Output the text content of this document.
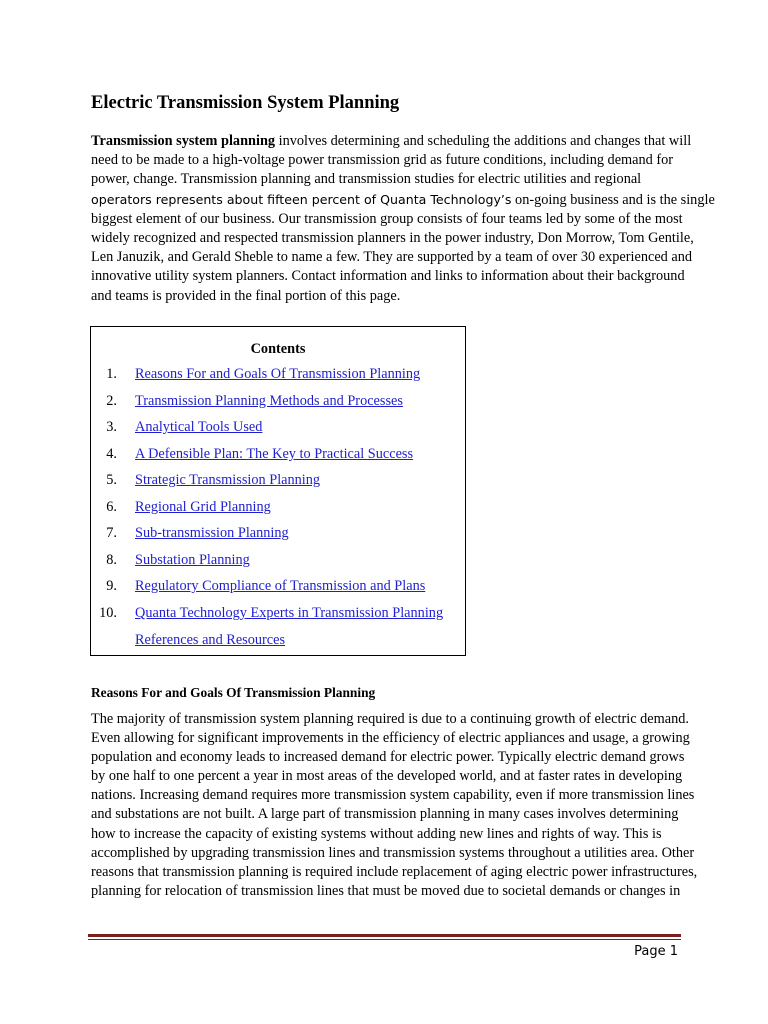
Electric Transmission System Planning
Transmission system planning involves determining and scheduling the additions and changes that will
need to be made to a high-voltage power transmission grid as future conditions, including demand for
power, change. Transmission planning and transmission studies for electric utilities and regional
operators represents about fifteen percent of Quanta Technology’s on-going business and is the single
biggest element of our business. Our transmission group consists of four teams led by some of the most
widely recognized and respected transmission planners in the power industry, Don Morrow, Tom Gentile,
Len Januzik, and Gerald Sheble to name a few. They are supported by a team of over 30 experienced and
innovative utility system planners. Contact information and links to information about their background
and teams is provided in the final portion of this page.
Contents
1. Reasons For and Goals Of Transmission Planning
2. Transmission Planning Methods and Processes
3. Analytical Tools Used
4. A Defensible Plan: The Key to Practical Success
5. Strategic Transmission Planning
6. Regional Grid Planning
7. Sub-transmission Planning
8. Substation Planning
9. Regulatory Compliance of Transmission and Plans
10. Quanta Technology Experts in Transmission Planning
References and Resources
Reasons For and Goals Of Transmission Planning
The majority of transmission system planning required is due to a continuing growth of electric demand.
Even allowing for significant improvements in the efficiency of electric appliances and usage, a growing
population and economy leads to increased demand for electric power. Typically electric demand grows
by one half to one percent a year in most areas of the developed world, and at faster rates in developing
nations. Increasing demand requires more transmission system capability, even if more transmission lines
and substations are not built. A large part of transmission planning in many cases involves determining
how to increase the capacity of existing systems without adding new lines and rights of way. This is
accomplished by upgrading transmission lines and transmission systems throughout a utilities area. Other
reasons that transmission planning is required include replacement of aging electric power infrastructures,
planning for relocation of transmission lines that must be moved due to societal demands or changes in
Page 1
